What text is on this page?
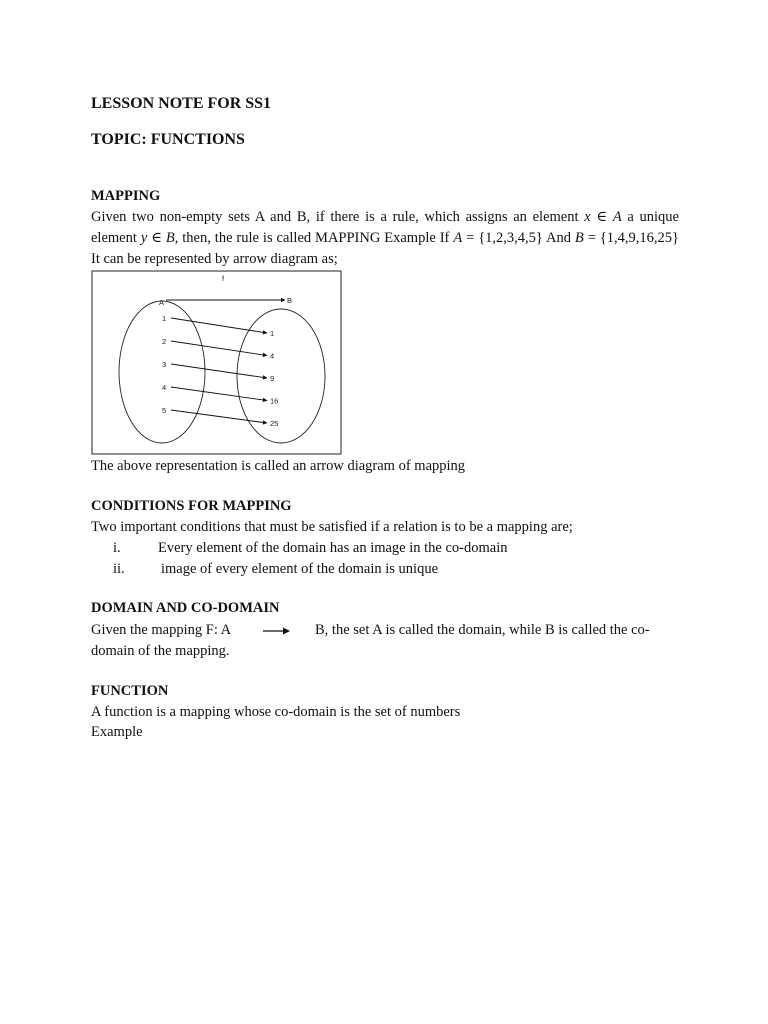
LESSON NOTE FOR SS1
TOPIC: FUNCTIONS
MAPPING
Given two non-empty sets A and B, if there is a rule, which assigns an element x ∈ A a unique element y ∈ B, then, the rule is called MAPPING Example If A = {1,2,3,4,5} And B = {1,4,9,16,25} It can be represented by arrow diagram as;
f
A	B
1
2
3
4
5
1
4
9
16
25
The above representation is called an arrow diagram of mapping
CONDITIONS FOR MAPPING
Two important conditions that must be satisfied if a relation is to be a mapping are;
i.	Every element of the domain has an image in the co-domain
ii.	image of every element of the domain is unique
DOMAIN AND CO-DOMAIN
Given the mapping F: A	B, the set A is called the domain, while B is called the co-
domain of the mapping.
FUNCTION
A function is a mapping whose co-domain is the set of numbers
Example
